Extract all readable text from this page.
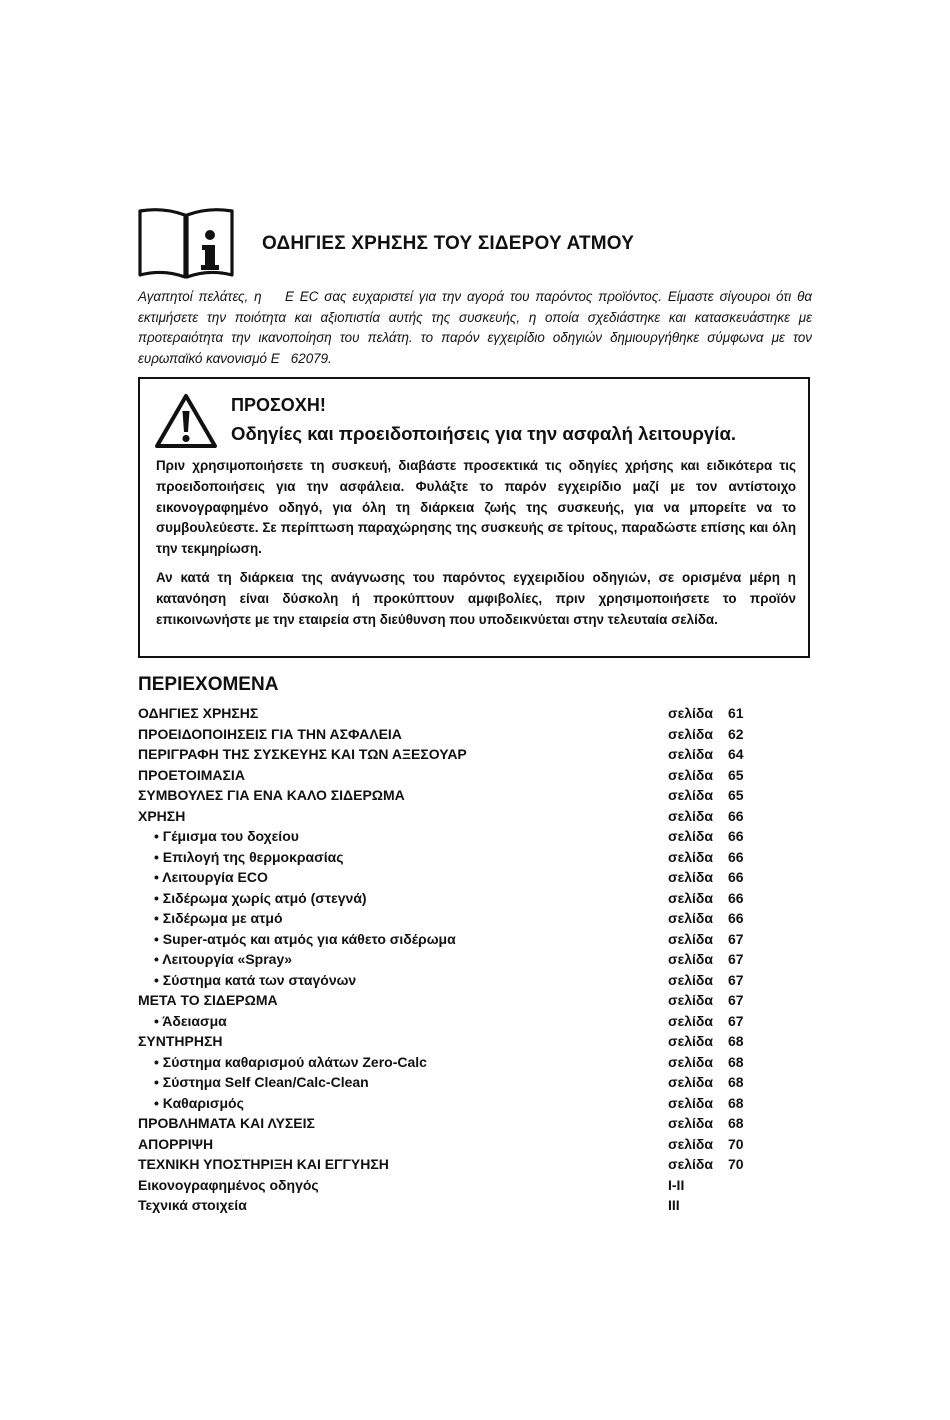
ΟΔΗΓΙΕΣ ΧΡΗΣΗΣ ΤΟΥ ΣΙΔΕΡΟΥ ΑΤΜΟΥ

Αγαπητοί πελάτες, η    E EC σας ευχαριστεί για την αγορά του παρόντος προϊόντος. Είμαστε σίγουροι ότι θα εκτιμήσετε την ποιότητα και αξιοπιστία αυτής της συσκευής, η οποία σχεδιάστηκε και κατασκευάστηκε με προτεραιότητα την ικανοποίηση του πελάτη. το παρόν εγχειρίδιο οδηγιών δημιουργήθηκε σύμφωνα με τον ευρωπαϊκό κανονισμό E   62079.

ΠΡΟΣΟΧΗ!
Οδηγίες και προειδοποιήσεις για την ασφαλή λειτουργία.

Πριν χρησιμοποιήσετε τη συσκευή, διαβάστε προσεκτικά τις οδηγίες χρήσης και ειδικότερα τις προειδοποιήσεις για την ασφάλεια. Φυλάξτε το παρόν εγχειρίδιο μαζί με τον αντίστοιχο εικονογραφημένο οδηγό, για όλη τη διάρκεια ζωής της συσκευής, για να μπορείτε να το συμβουλεύεστε. Σε περίπτωση παραχώρησης της συσκευής σε τρίτους, παραδώστε επίσης και όλη την τεκμηρίωση.

Αν κατά τη διάρκεια της ανάγνωσης του παρόντος εγχειριδίου οδηγιών, σε ορισμένα μέρη η κατανόηση είναι δύσκολη ή προκύπτουν αμφιβολίες, πριν χρησιμοποιήσετε το προϊόν επικοινωνήστε με την εταιρεία στη διεύθυνση που υποδεικνύεται στην τελευταία σελίδα.

ΠΕΡΙΕΧΟΜΕΝΑ
ΟΔΗΓΙΕΣ ΧΡΗΣΗΣ	σελίδα 61
ΠΡΟΕΙΔΟΠΟΙΗΣΕΙΣ ΓΙΑ ΤΗΝ ΑΣΦΑΛΕΙΑ	σελίδα 62
ΠΕΡΙΓΡΑΦΗ ΤΗΣ ΣΥΣΚΕΥΗΣ ΚΑΙ ΤΩΝ ΑΞΕΣΟΥΑΡ	σελίδα 64
ΠΡΟΕΤΟΙΜΑΣΙΑ	σελίδα 65
ΣΥΜΒΟΥΛΕΣ ΓΙΑ ΕΝΑ ΚΑΛΟ ΣΙΔΕΡΩΜΑ	σελίδα 65
ΧΡΗΣΗ	σελίδα 66
• Γέμισμα του δοχείου	σελίδα 66
• Επιλογή της θερμοκρασίας	σελίδα 66
• Λειτουργία ECO	σελίδα 66
• Σιδέρωμα χωρίς ατμό (στεγνά)	σελίδα 66
• Σιδέρωμα με ατμό	σελίδα 66
• Super-ατμός και ατμός για κάθετο σιδέρωμα	σελίδα 67
• Λειτουργία «Spray»	σελίδα 67
• Σύστημα κατά των σταγόνων	σελίδα 67
ΜΕΤΑ ΤΟ ΣΙΔΕΡΩΜΑ	σελίδα 67
• Άδειασμα	σελίδα 67
ΣΥΝΤΗΡΗΣΗ	σελίδα 68
• Σύστημα καθαρισμού αλάτων Zero-Calc	σελίδα 68
• Σύστημα Self Clean/Calc-Clean	σελίδα 68
• Καθαρισμός	σελίδα 68
ΠΡΟΒΛΗΜΑΤΑ ΚΑΙ ΛΥΣΕΙΣ	σελίδα 68
ΑΠΟΡΡΙΨΗ	σελίδα 70
ΤΕΧΝΙΚΗ ΥΠΟΣΤΗΡΙΞΗ ΚΑΙ ΕΓΓΥΗΣΗ	σελίδα 70
Εικονογραφημένος οδηγός	I-II
Τεχνικά στοιχεία	III
